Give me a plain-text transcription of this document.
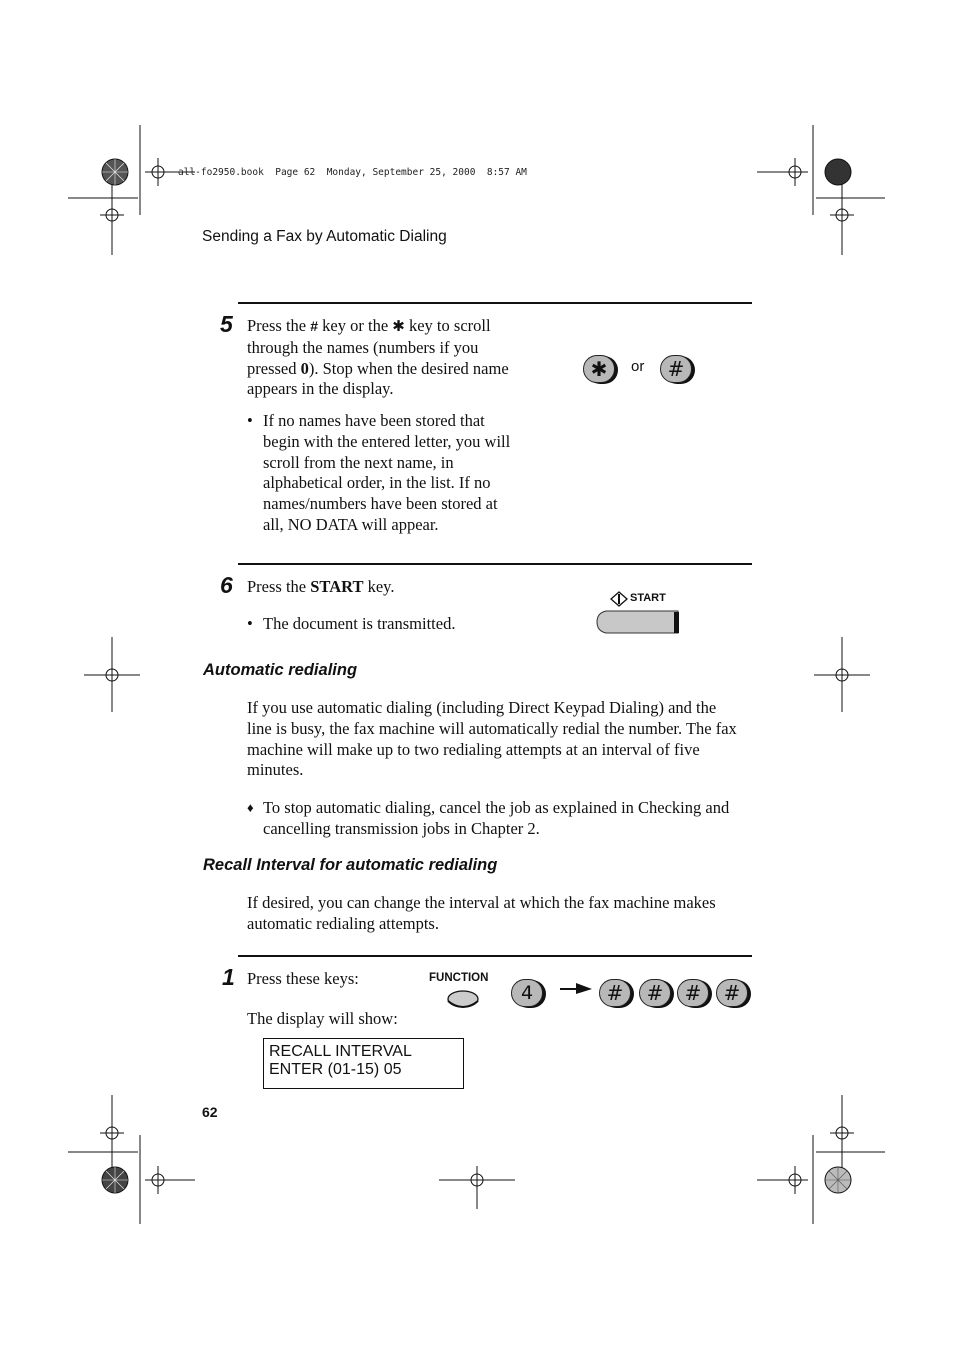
all-fo2950.book  Page 62  Monday, September 25, 2000  8:57 AM
Sending a Fax by Automatic Dialing
5 Press the # key or the ✱ key to scroll through the names (numbers if you pressed 0). Stop when the desired name appears in the display.
• If no names have been stored that begin with the entered letter, you will scroll from the next name, in alphabetical order, in the list. If no names/numbers have been stored at all, NO DATA will appear.
✱	or	#
6 Press the START key.
• The document is transmitted.
START
Automatic redialing
If you use automatic dialing (including Direct Keypad Dialing) and the line is busy, the fax machine will automatically redial the number. The fax machine will make up to two redialing attempts at an interval of five minutes.
♦ To stop automatic dialing, cancel the job as explained in Checking and cancelling transmission jobs in Chapter 2.
Recall Interval for automatic redialing
If desired, you can change the interval at which the fax machine makes automatic redialing attempts.
1 Press these keys:
The display will show:
FUNCTION
4	#	#	#	#
RECALL INTERVAL
ENTER (01-15) 05
62
